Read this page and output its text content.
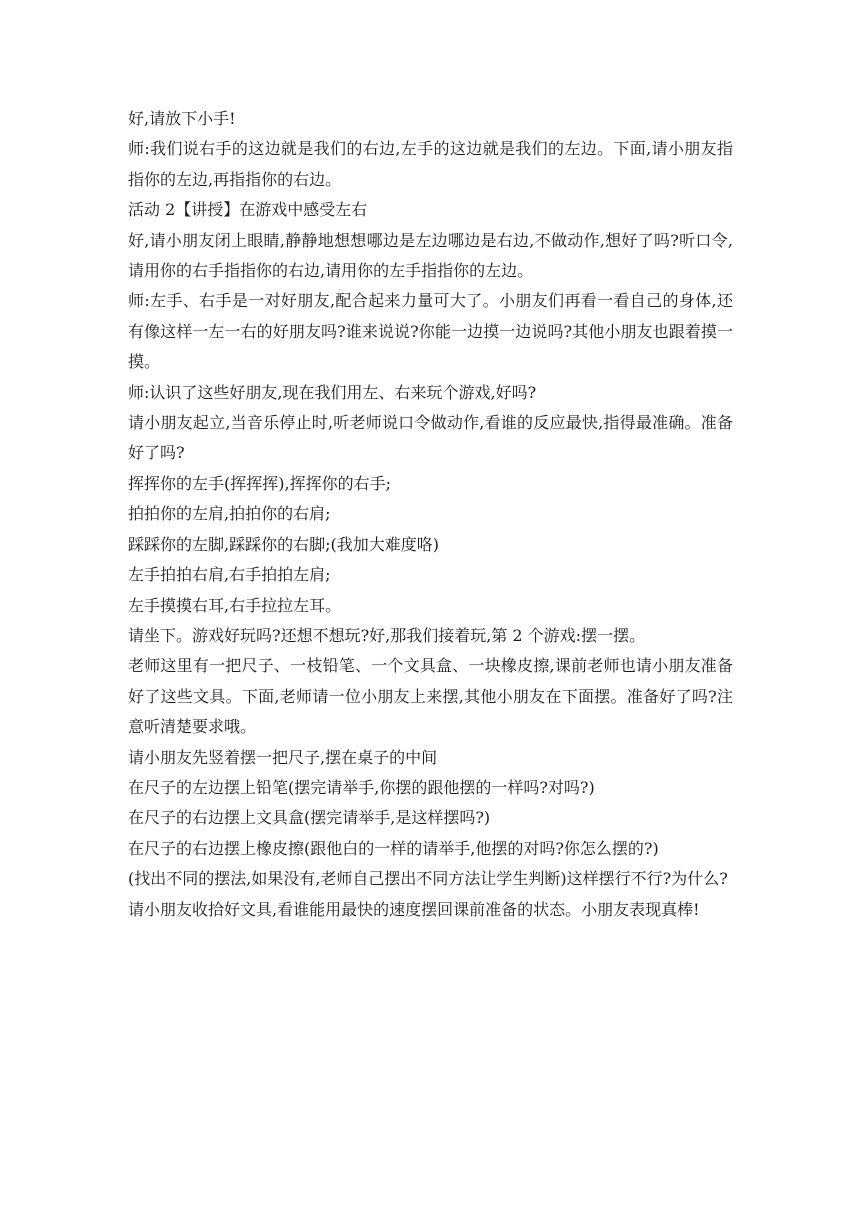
好,请放下小手!

师:我们说右手的这边就是我们的右边,左手的这边就是我们的左边。下面,请小朋友指指你的左边,再指指你的右边。

活动 2【讲授】在游戏中感受左右

好,请小朋友闭上眼睛,静静地想想哪边是左边哪边是右边,不做动作,想好了吗?听口令,请用你的右手指指你的右边,请用你的左手指指你的左边。

师:左手、右手是一对好朋友,配合起来力量可大了。小朋友们再看一看自己的身体,还有像这样一左一右的好朋友吗?谁来说说?你能一边摸一边说吗?其他小朋友也跟着摸一摸。

师:认识了这些好朋友,现在我们用左、右来玩个游戏,好吗?

请小朋友起立,当音乐停止时,听老师说口令做动作,看谁的反应最快,指得最准确。准备好了吗?

挥挥你的左手(挥挥挥),挥挥你的右手;

拍拍你的左肩,拍拍你的右肩;

踩踩你的左脚,踩踩你的右脚;(我加大难度咯)

左手拍拍右肩,右手拍拍左肩;

左手摸摸右耳,右手拉拉左耳。

请坐下。游戏好玩吗?还想不想玩?好,那我们接着玩,第 2 个游戏:摆一摆。

老师这里有一把尺子、一枝铅笔、一个文具盒、一块橡皮擦,课前老师也请小朋友准备好了这些文具。下面,老师请一位小朋友上来摆,其他小朋友在下面摆。准备好了吗?注意听清楚要求哦。

请小朋友先竖着摆一把尺子,摆在桌子的中间

在尺子的左边摆上铅笔(摆完请举手,你摆的跟他摆的一样吗?对吗?)

在尺子的右边摆上文具盒(摆完请举手,是这样摆吗?)

在尺子的右边摆上橡皮擦(跟他白的一样的请举手,他摆的对吗?你怎么摆的?)

(找出不同的摆法,如果没有,老师自己摆出不同方法让学生判断)这样摆行不行?为什么?

请小朋友收拾好文具,看谁能用最快的速度摆回课前准备的状态。小朋友表现真棒!
